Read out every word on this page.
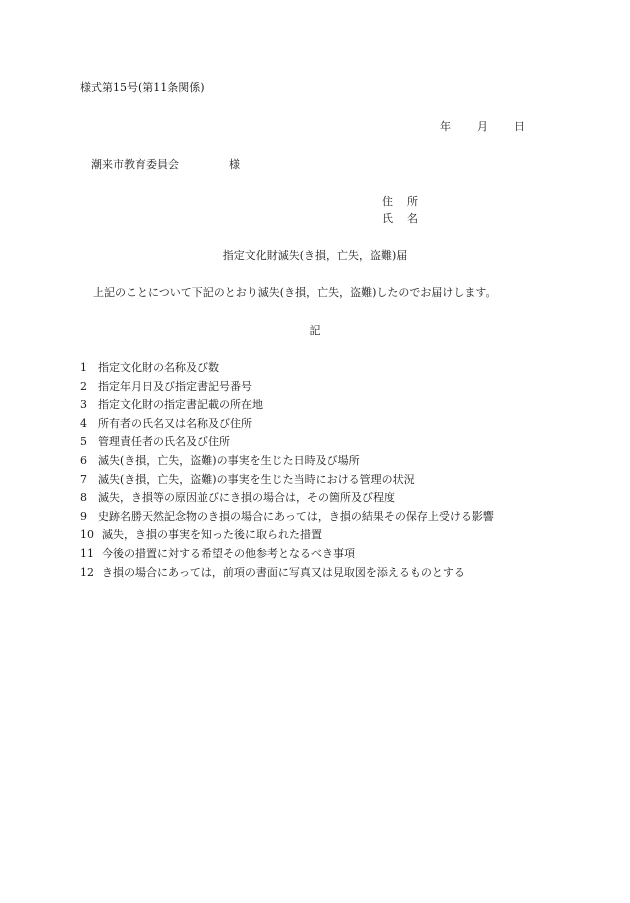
様式第15号(第11条関係)
年 月 日
潮来市教育委員会	様
住 所
氏 名
指定文化財滅失(き損，亡失，盗難)届
上記のことについて下記のとおり滅失(き損，亡失，盗難)したのでお届けします。
記
1 指定文化財の名称及び数
2 指定年月日及び指定書記号番号
3 指定文化財の指定書記載の所在地
4 所有者の氏名又は名称及び住所
5 管理責任者の氏名及び住所
6 滅失(き損，亡失，盗難)の事実を生じた日時及び場所
7 滅失(き損，亡失，盗難)の事実を生じた当時における管理の状況
8 滅失，き損等の原因並びにき損の場合は，その箇所及び程度
9 史跡名勝天然記念物のき損の場合にあっては，き損の結果その保存上受ける影響
10 滅失，き損の事実を知った後に取られた措置
11 今後の措置に対する希望その他参考となるべき事項
12 き損の場合にあっては，前項の書面に写真又は見取図を添えるものとする
